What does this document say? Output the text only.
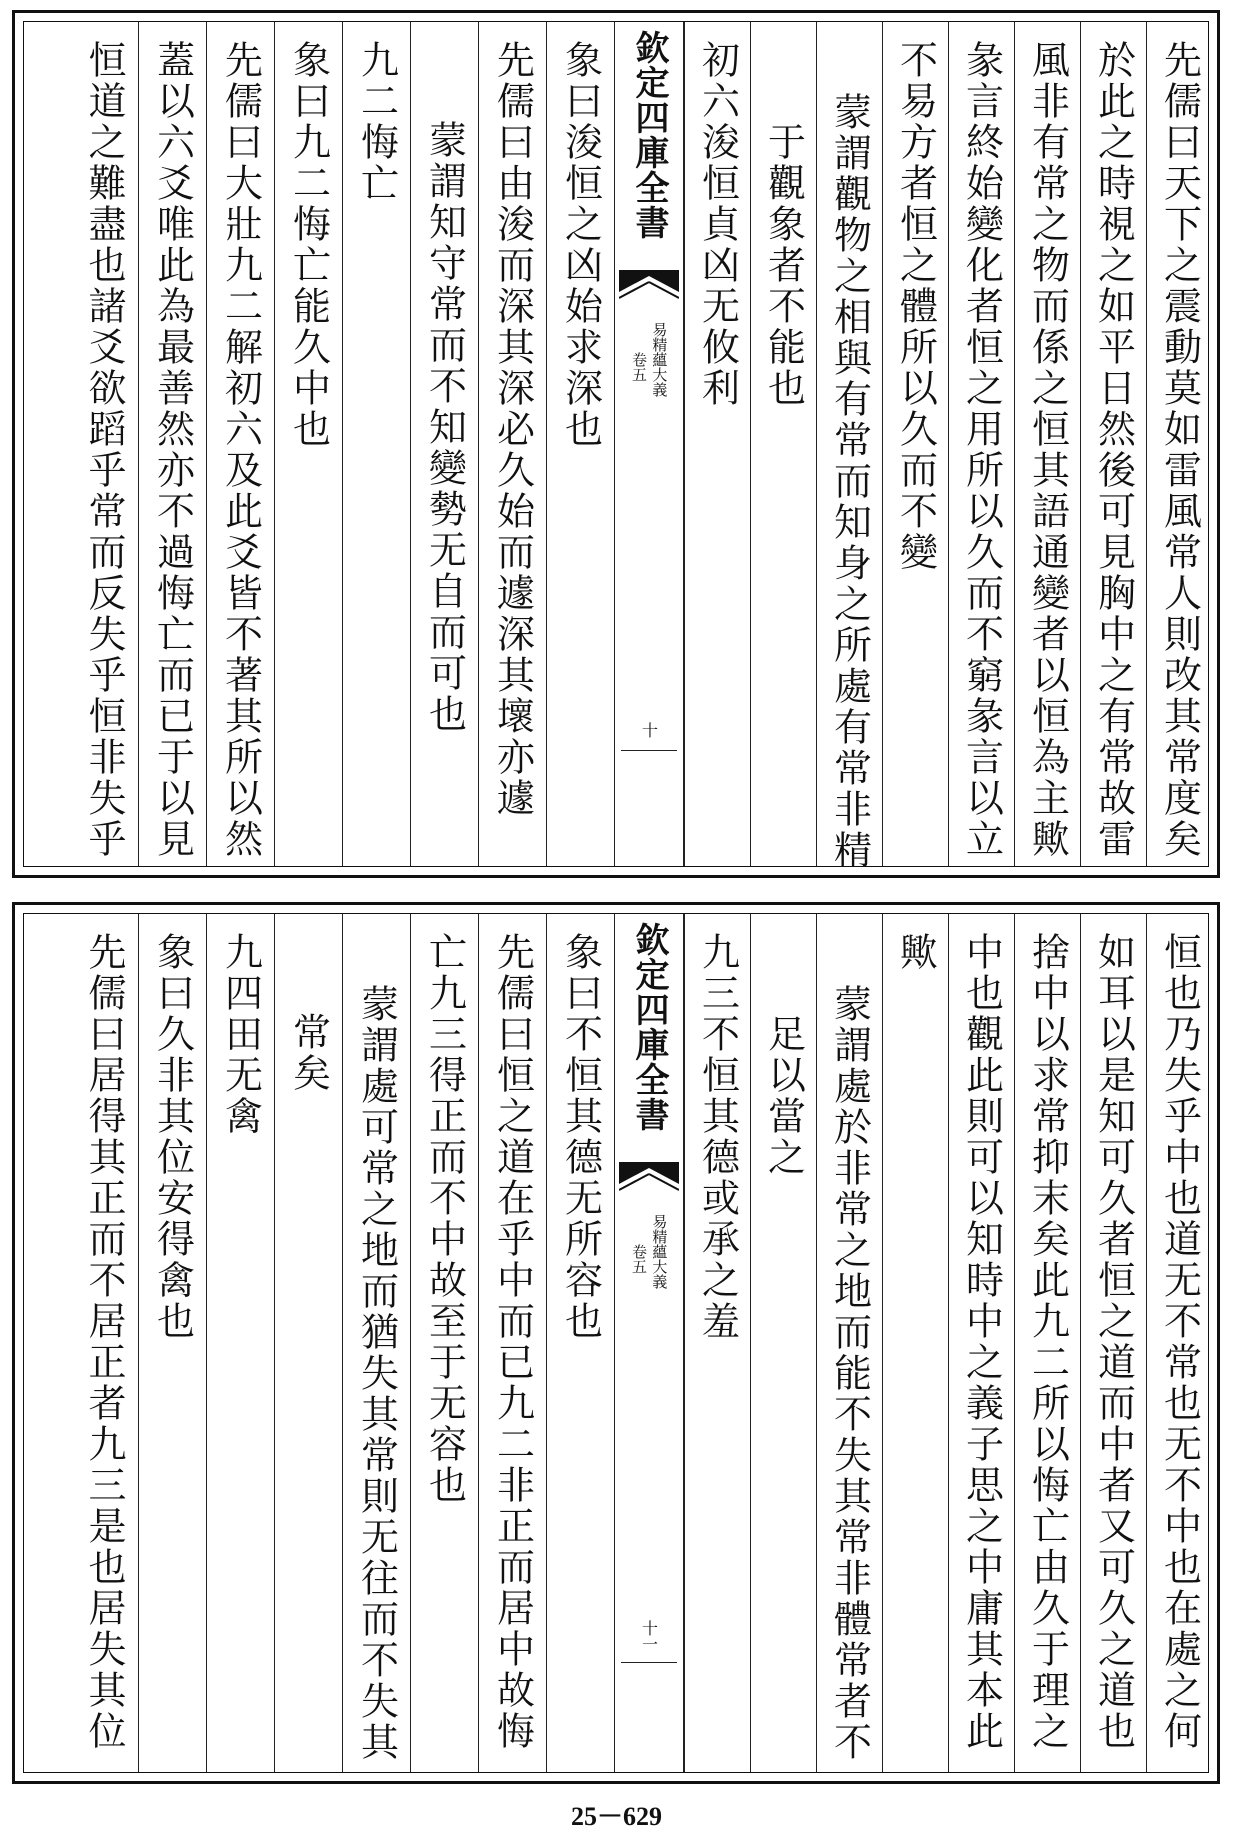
先儒曰天下之震動莫如雷風常人則改其常度矣
於此之時視之如平日然後可見胸中之有常故雷
風非有常之物而係之恒其語通變者以恒為主歟
彖言終始變化者恒之用所以久而不窮彖言以立
不易方者恒之體所以久而不變
蒙謂觀物之相與有常而知身之所處有常非精
于觀象者不能也
初六浚恒貞凶无攸利
欽定四庫全書
易精蘊大義
卷五
十
象曰浚恒之凶始求深也
先儒曰由浚而深其深必久始而遽深其壞亦遽
蒙謂知守常而不知變勢无自而可也
九二悔亡
象曰九二悔亡能久中也
先儒曰大壯九二解初六及此爻皆不著其所以然
蓋以六爻唯此為最善然亦不過悔亡而已于以見
恒道之難盡也諸爻欲蹈乎常而反失乎恒非失乎
恒也乃失乎中也道无不常也无不中也在處之何
如耳以是知可久者恒之道而中者又可久之道也
捨中以求常抑末矣此九二所以悔亡由久于理之
中也觀此則可以知時中之義子思之中庸其本此
歟
蒙謂處於非常之地而能不失其常非體常者不
足以當之
九三不恒其德或承之羞
欽定四庫全書
易精蘊大義
卷五
十一
象曰不恒其德无所容也
先儒曰恒之道在乎中而已九二非正而居中故悔
亡九三得正而不中故至于无容也
蒙謂處可常之地而猶失其常則无往而不失其
常矣
九四田无禽
象曰久非其位安得禽也
先儒曰居得其正而不居正者九三是也居失其位
25－629
